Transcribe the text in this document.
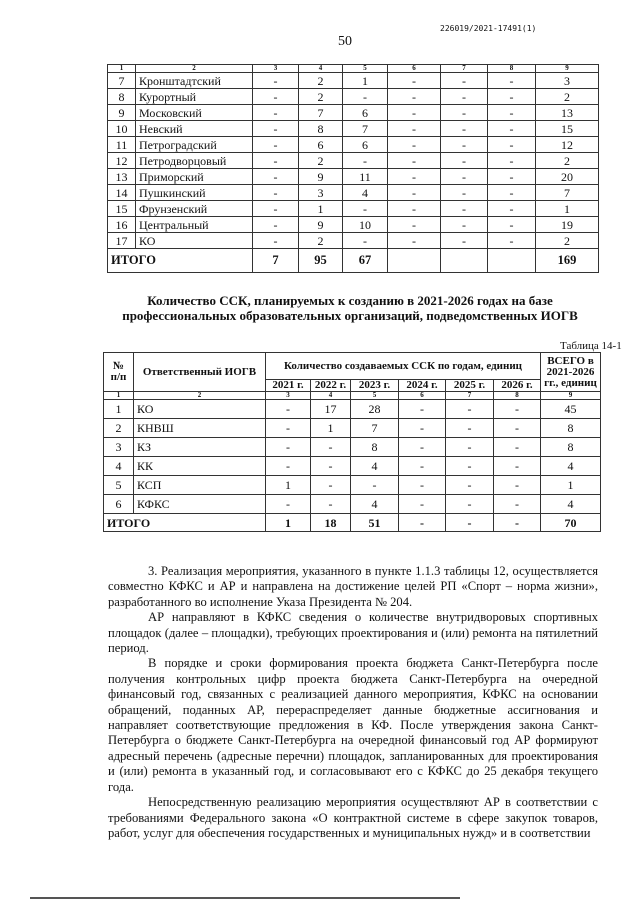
226019/2021-17491(1)
50
1	2	3	4	5	6	7	8	9
7	Кронштадтский	-	2	1	-	-	-	3
8	Курортный	-	2	-	-	-	-	2
9	Московский	-	7	6	-	-	-	13
10	Невский	-	8	7	-	-	-	15
11	Петроградский	-	6	6	-	-	-	12
12	Петродворцовый	-	2	-	-	-	-	2
13	Приморский	-	9	11	-	-	-	20
14	Пушкинский	-	3	4	-	-	-	7
15	Фрунзенский	-	1	-	-	-	-	1
16	Центральный	-	9	10	-	-	-	19
17	КО	-	2	-	-	-	-	2
ИТОГО		7	95	67				169
Количество ССК, планируемых к созданию в 2021-2026 годах на базе профессиональных образовательных организаций, подведомственных ИОГВ
Таблица 14-1
№ п/п	Ответственный ИОГВ	Количество создаваемых ССК по годам, единиц						ВСЕГО в 2021-2026 гг., единиц
		2021 г.	2022 г.	2023 г.	2024 г.	2025 г.	2026 г.	
1	2	3	4	5	6	7	8	9
1	КО	-	17	28	-	-	-	45
2	КНВШ	-	1	7	-	-	-	8
3	КЗ	-	-	8	-	-	-	8
4	КК	-	-	4	-	-	-	4
5	КСП	1	-	-	-	-	-	1
6	КФКС	-	-	4	-	-	-	4
ИТОГО		1	18	51	-	-	-	70

3. Реализация мероприятия, указанного в пункте 1.1.3 таблицы 12, осуществляется совместно КФКС и АР и направлена на достижение целей РП «Спорт – норма жизни», разработанного во исполнение Указа Президента № 204.

АР направляют в КФКС сведения о количестве внутридворовых спортивных площадок (далее – площадки), требующих проектирования и (или) ремонта на пятилетний период.

В порядке и сроки формирования проекта бюджета Санкт-Петербурга после получения контрольных цифр проекта бюджета Санкт-Петербурга на очередной финансовый год, связанных с реализацией данного мероприятия, КФКС на основании обращений, поданных АР, перераспределяет данные бюджетные ассигнования и направляет соответствующие предложения в КФ. После утверждения закона Санкт-Петербурга о бюджете Санкт-Петербурга на очередной финансовый год АР формируют адресный перечень (адресные перечни) площадок, запланированных для проектирования и (или) ремонта в указанный год, и согласовывают его с КФКС до 25 декабря текущего года.

Непосредственную реализацию мероприятия осуществляют АР в соответствии с требованиями Федерального закона «О контрактной системе в сфере закупок товаров, работ, услуг для обеспечения государственных и муниципальных нужд» и в соответствии
